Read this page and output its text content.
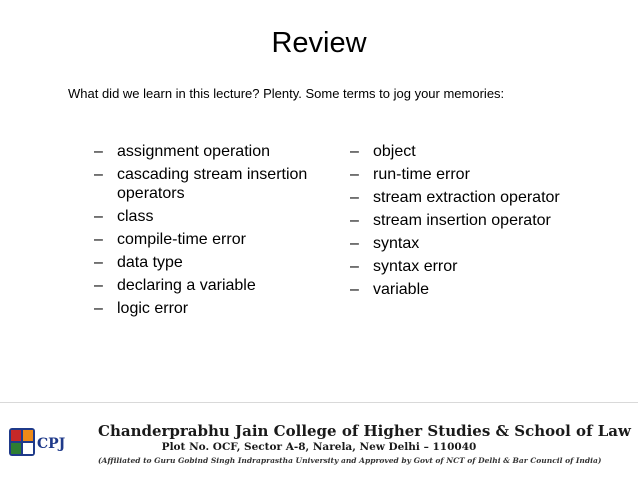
Review
What did we learn in this lecture? Plenty. Some terms to jog your memories:
– assignment operation
– cascading stream insertion operators
– class
– compile-time error
– data type
– declaring a variable
– logic error
– object
– run-time error
– stream extraction operator
– stream insertion operator
– syntax
– syntax error
– variable
CPJ
Chanderprabhu Jain College of Higher Studies & School of Law
Plot No. OCF, Sector A-8, Narela, New Delhi – 110040
(Affiliated to Guru Gobind Singh Indraprastha University and Approved by Govt of NCT of Delhi & Bar Council of India)
